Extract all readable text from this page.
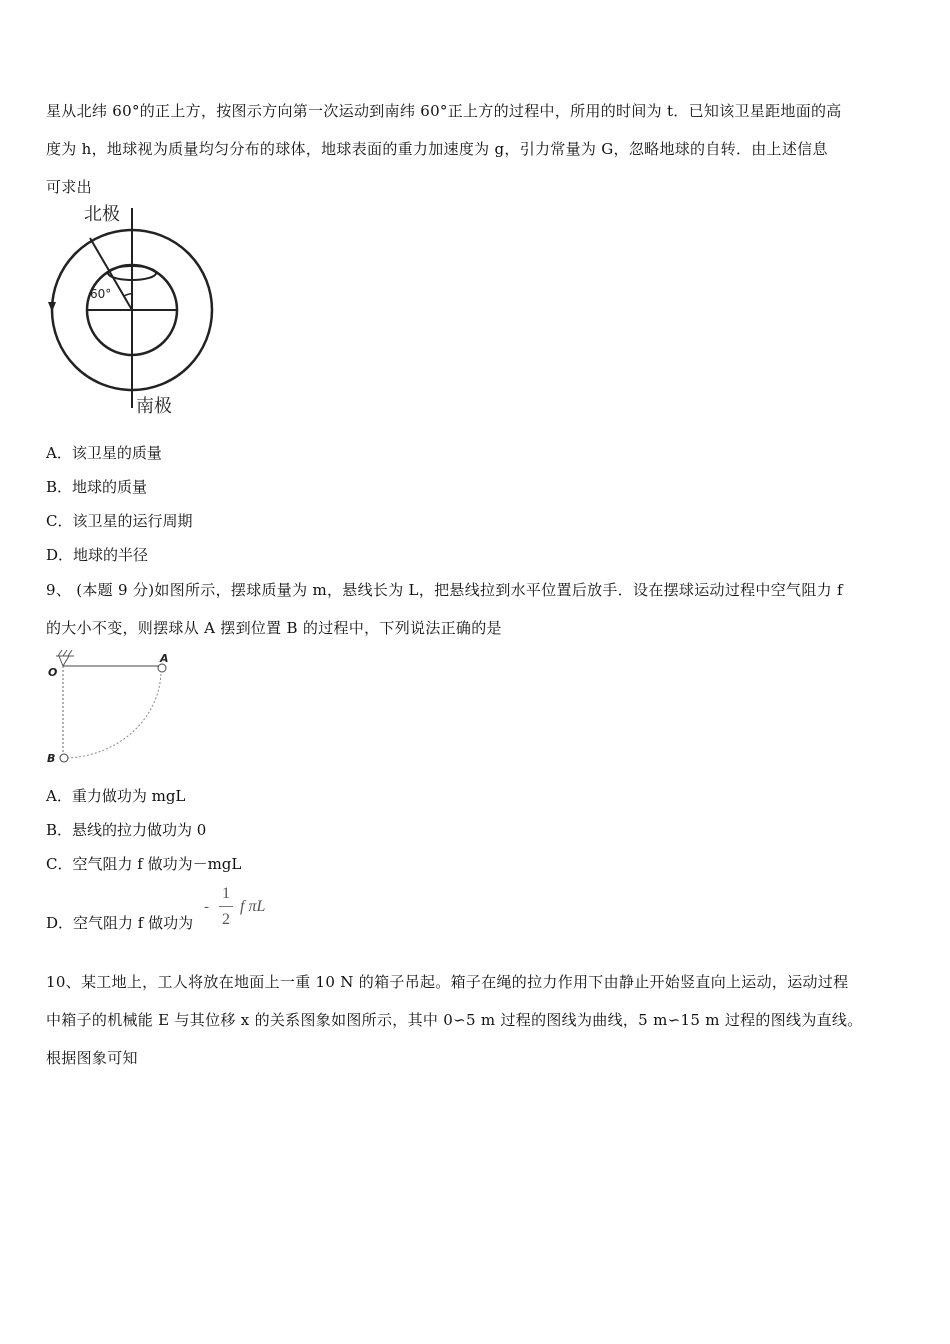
星从北纬 60°的正上方，按图示方向第一次运动到南纬 60°正上方的过程中，所用的时间为 t．已知该卫星距地面的高
度为 h，地球视为质量均匀分布的球体，地球表面的重力加速度为 g，引力常量为 G，忽略地球的自转．由上述信息
可求出
60°
北极
南极
A．该卫星的质量
B．地球的质量
C．该卫星的运行周期
D．地球的半径
9、 (本题 9 分)如图所示，摆球质量为 m，悬线长为 L，把悬线拉到水平位置后放手．设在摆球运动过程中空气阻力 f
的大小不变，则摆球从 A 摆到位置 B 的过程中，下列说法正确的是
O
A
B
A．重力做功为 mgL
B．悬线的拉力做功为 0
C．空气阻力 f 做功为－mgL
D．空气阻力 f 做功为
-
1
2
f πL
10、某工地上，工人将放在地面上一重 10 N 的箱子吊起。箱子在绳的拉力作用下由静止开始竖直向上运动，运动过程
中箱子的机械能 E 与其位移 x 的关系图象如图所示，其中 0∽5 m 过程的图线为曲线，5 m∽15 m 过程的图线为直线。
根据图象可知
